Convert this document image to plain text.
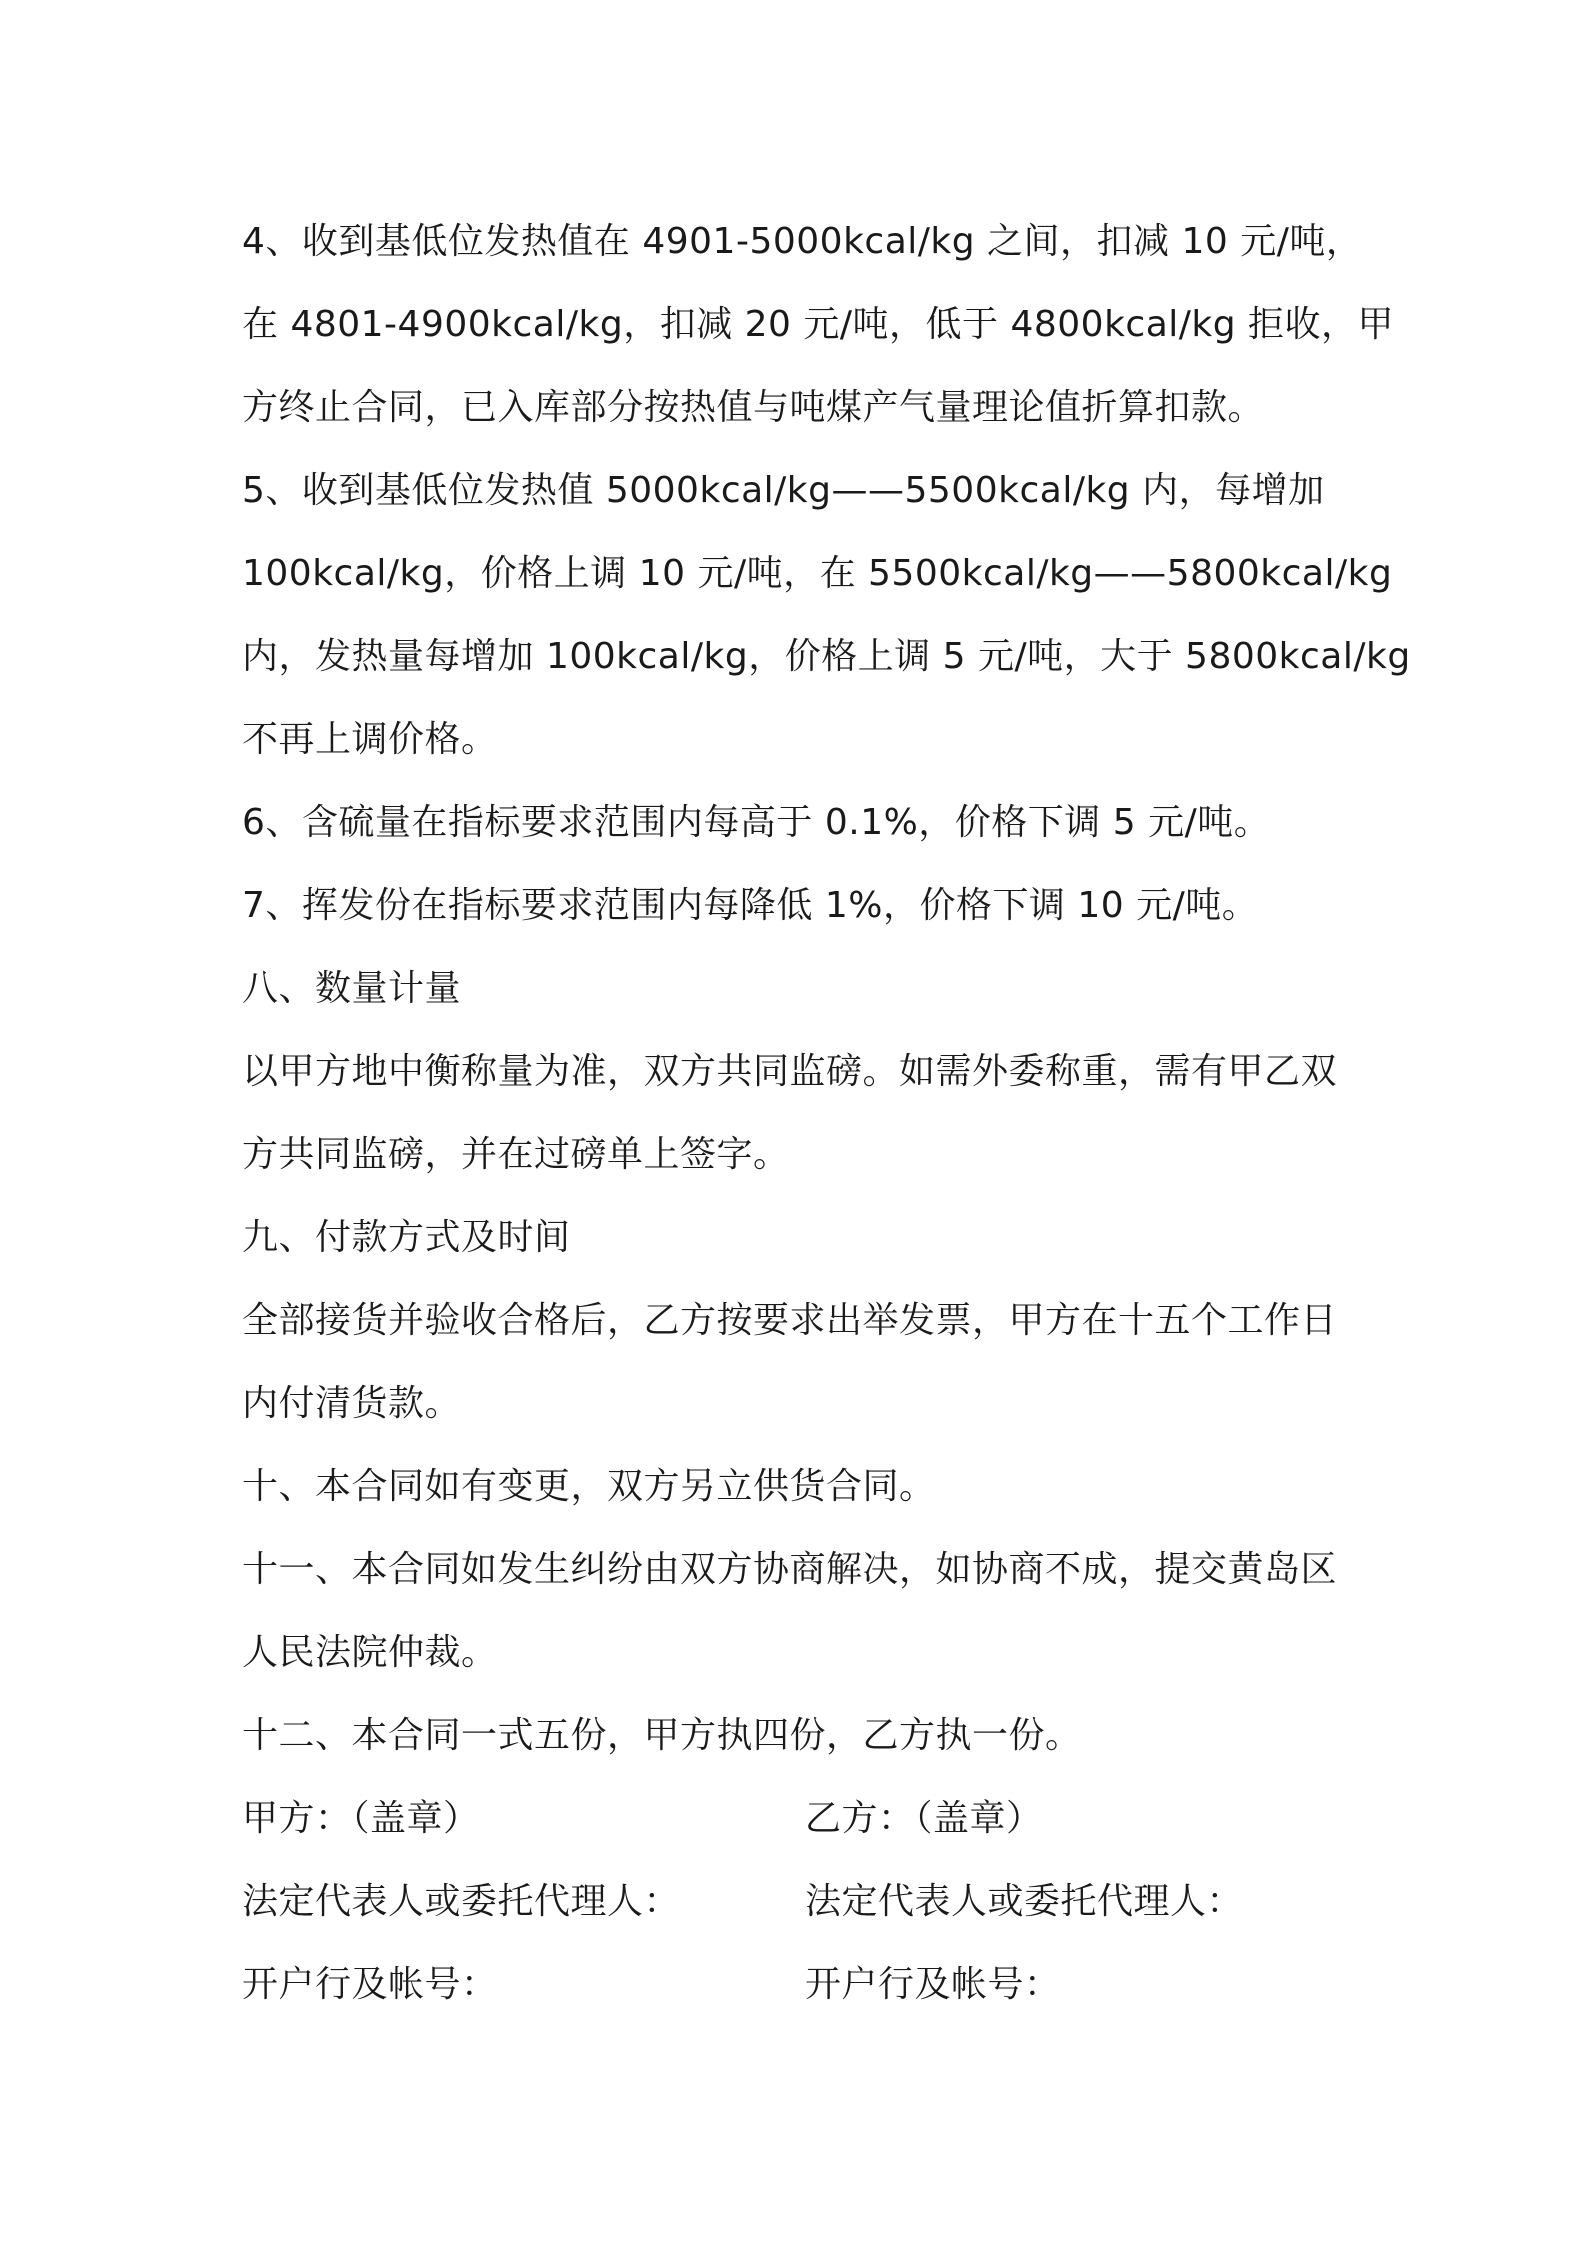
4、收到基低位发热值在 4901-5000kcal/kg 之间，扣减 10 元/吨，
在 4801-4900kcal/kg，扣减 20 元/吨，低于 4800kcal/kg 拒收，甲
方终止合同，已入库部分按热值与吨煤产气量理论值折算扣款。
5、收到基低位发热值 5000kcal/kg——5500kcal/kg 内，每增加
100kcal/kg，价格上调 10 元/吨，在 5500kcal/kg——5800kcal/kg
内，发热量每增加 100kcal/kg，价格上调 5 元/吨，大于 5800kcal/kg
不再上调价格。
6、含硫量在指标要求范围内每高于 0.1%，价格下调 5 元/吨。
7、挥发份在指标要求范围内每降低 1%，价格下调 10 元/吨。
八、数量计量
以甲方地中衡称量为准，双方共同监磅。如需外委称重，需有甲乙双
方共同监磅，并在过磅单上签字。
九、付款方式及时间
全部接货并验收合格后，乙方按要求出举发票，甲方在十五个工作日
内付清货款。
十、本合同如有变更，双方另立供货合同。
十一、本合同如发生纠纷由双方协商解决，如协商不成，提交黄岛区
人民法院仲裁。
十二、本合同一式五份，甲方执四份，乙方执一份。
甲方：（盖章）	乙方：（盖章）
法定代表人或委托代理人：	法定代表人或委托代理人：
开户行及帐号：	开户行及帐号：
